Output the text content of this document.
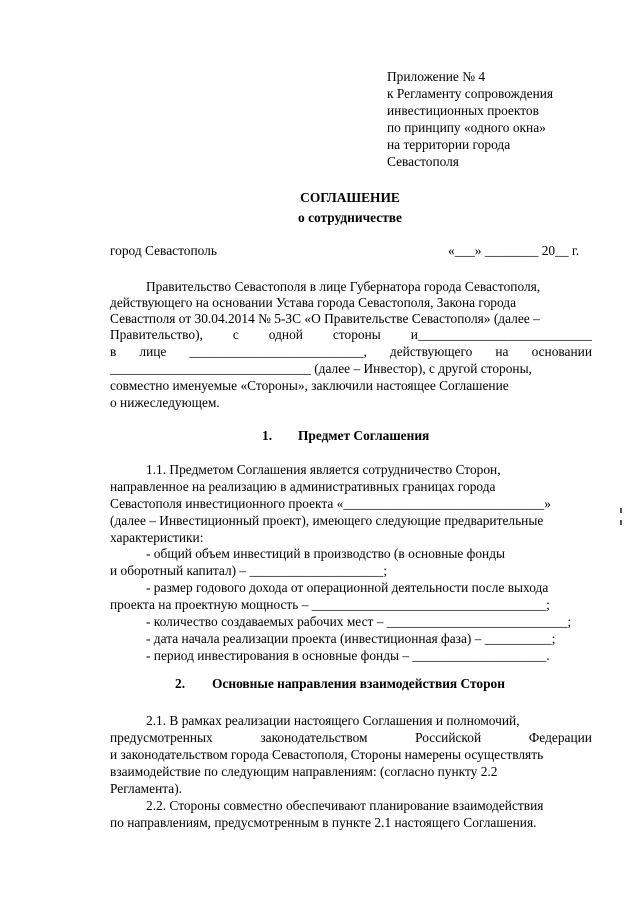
Приложение № 4
к Регламенту сопровождения
инвестиционных проектов
по принципу «одного окна»
на территории города
Севастополя
СОГЛАШЕНИЕ
о сотрудничестве
город Севастополь	«___» ________ 20__ г.
Правительство Севастополя в лице Губернатора города Севастополя,
действующего на основании Устава города Севастополя, Закона города
Севастполя от 30.04.2014 № 5-ЗС «О Правительстве Севастополя» (далее –
Правительство), с одной стороны и__________________________
в лице __________________________, действующего на основании
______________________________ (далее – Инвестор), с другой стороны,
совместно именуемые «Стороны», заключили настоящее Соглашение
о нижеследующем.
1. Предмет Соглашения
1.1. Предметом Соглашения является сотрудничество Сторон,
направленное на реализацию в административных границах города
Севастополя инвестиционного проекта «______________________________»
(далее – Инвестиционный проект), имеющего следующие предварительные
характеристики:
- общий объем инвестиций в производство (в основные фонды
и оборотный капитал) – ____________________;
- размер годового дохода от операционной деятельности после выхода
проекта на проектную мощность – ___________________________________;
- количество создаваемых рабочих мест – ___________________________;
- дата начала реализации проекта (инвестиционная фаза) – __________;
- период инвестирования в основные фонды – ____________________.
2. Основные направления взаимодействия Сторон
2.1. В рамках реализации настоящего Соглашения и полномочий,
предусмотренных	законодательством	Российской	Федерации
и законодательством города Севастополя, Стороны намерены осуществлять
взаимодействие по следующим направлениям: (согласно пункту 2.2
Регламента).
2.2. Стороны совместно обеспечивают планирование взаимодействия
по направлениям, предусмотренным в пункте 2.1 настоящего Соглашения.
